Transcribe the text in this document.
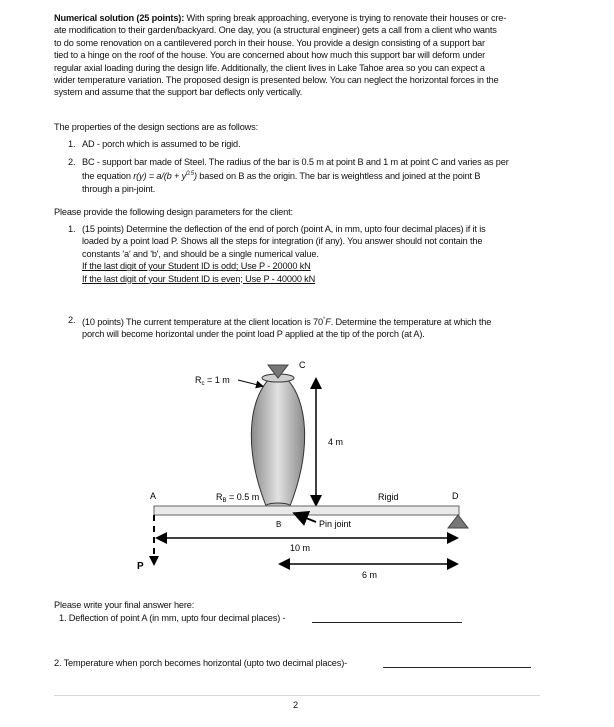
Numerical solution (25 points): With spring break approaching, everyone is trying to renovate their houses or cre-
ate modification to their garden/backyard. One day, you (a structural engineer) gets a call from a client who wants
to do some renovation on a cantilevered porch in their house. You provide a design consisting of a support bar
tied to a hinge on the roof of the house. You are concerned about how much this support bar will deform under
regular axial loading during the design life. Additionally, the client lives in Lake Tahoe area so you can expect a
wider temperature variation. The proposed design is presented below. You can neglect the horizontal forces in the
system and assume that the support bar deflects only vertically.
The properties of the design sections are as follows:
1. AD - porch which is assumed to be rigid.
2. BC - support bar made of Steel. The radius of the bar is 0.5 m at point B and 1 m at point C and varies as per
the equation $r(y) = a/(b + y^{0.5})$ based on B as the origin. The bar is weightless and joined at the point B
through a pin-joint.
Please provide the following design parameters for the client:
1. (15 points) Determine the deflection of the end of porch (point A, in mm, upto four decimal places) if it is
loaded by a point load P. Shows all the steps for integration (if any). You answer should not contain the
constants 'a' and 'b', and should be a single numerical value.
If the last digit of your Student ID is odd; Use P - 20000 kN
If the last digit of your Student ID is even; Use P - 40000 kN
2. (10 points) The current temperature at the client location is 70°F. Determine the temperature at which the
porch will become horizontal under the point load P applied at the tip of the porch (at A).
C
$R_c = 1$ m
4 m
A	D
Rigid
$R_B = 0.5$ m
B	Pin joint
P
10 m
6 m
Please write your final answer here:
1. Deflection of point A (in mm, upto four decimal places) -
2. Temperature when porch becomes horizontal (upto two decimal places)-
2
